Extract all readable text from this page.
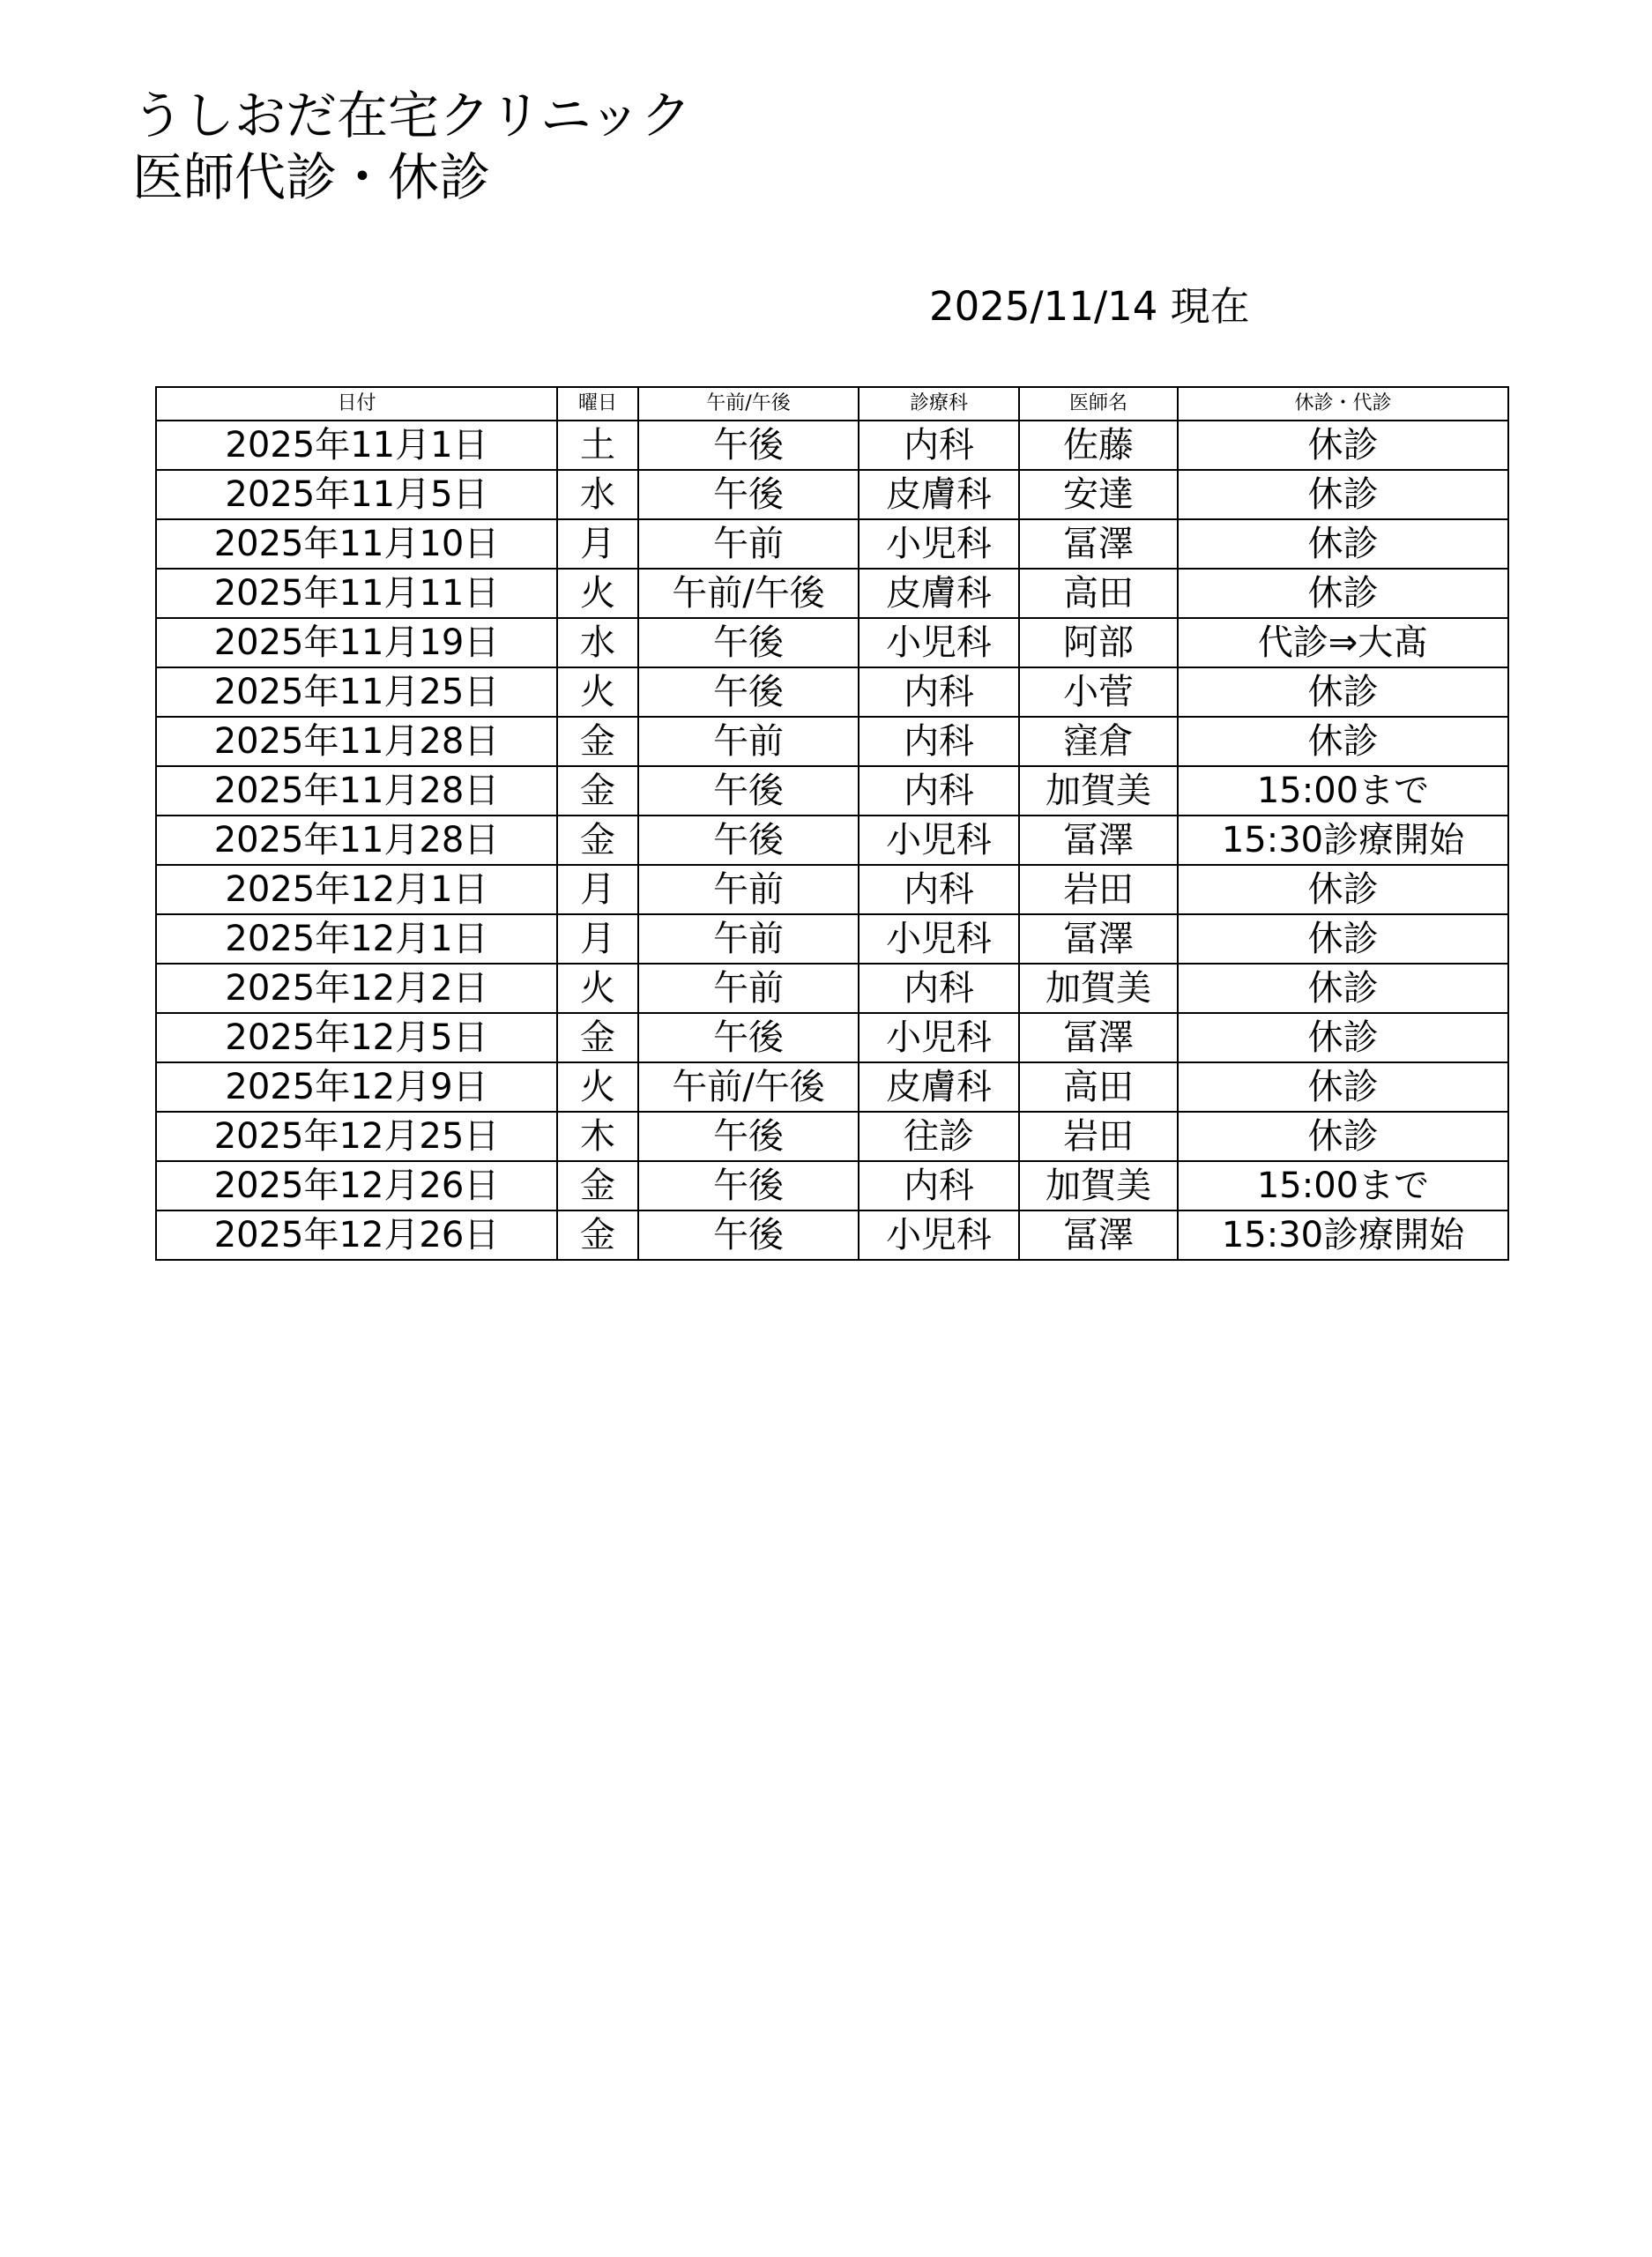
うしおだ在宅クリニック
医師代診・休診
2025/11/14 現在
日付	曜日	午前/午後	診療科	医師名	休診・代診
2025年11月1日	土	午後	内科	佐藤	休診
2025年11月5日	水	午後	皮膚科	安達	休診
2025年11月10日	月	午前	小児科	冨澤	休診
2025年11月11日	火	午前/午後	皮膚科	高田	休診
2025年11月19日	水	午後	小児科	阿部	代診⇒大髙
2025年11月25日	火	午後	内科	小菅	休診
2025年11月28日	金	午前	内科	窪倉	休診
2025年11月28日	金	午後	内科	加賀美	15:00まで
2025年11月28日	金	午後	小児科	冨澤	15:30診療開始
2025年12月1日	月	午前	内科	岩田	休診
2025年12月1日	月	午前	小児科	冨澤	休診
2025年12月2日	火	午前	内科	加賀美	休診
2025年12月5日	金	午後	小児科	冨澤	休診
2025年12月9日	火	午前/午後	皮膚科	高田	休診
2025年12月25日	木	午後	往診	岩田	休診
2025年12月26日	金	午後	内科	加賀美	15:00まで
2025年12月26日	金	午後	小児科	冨澤	15:30診療開始
